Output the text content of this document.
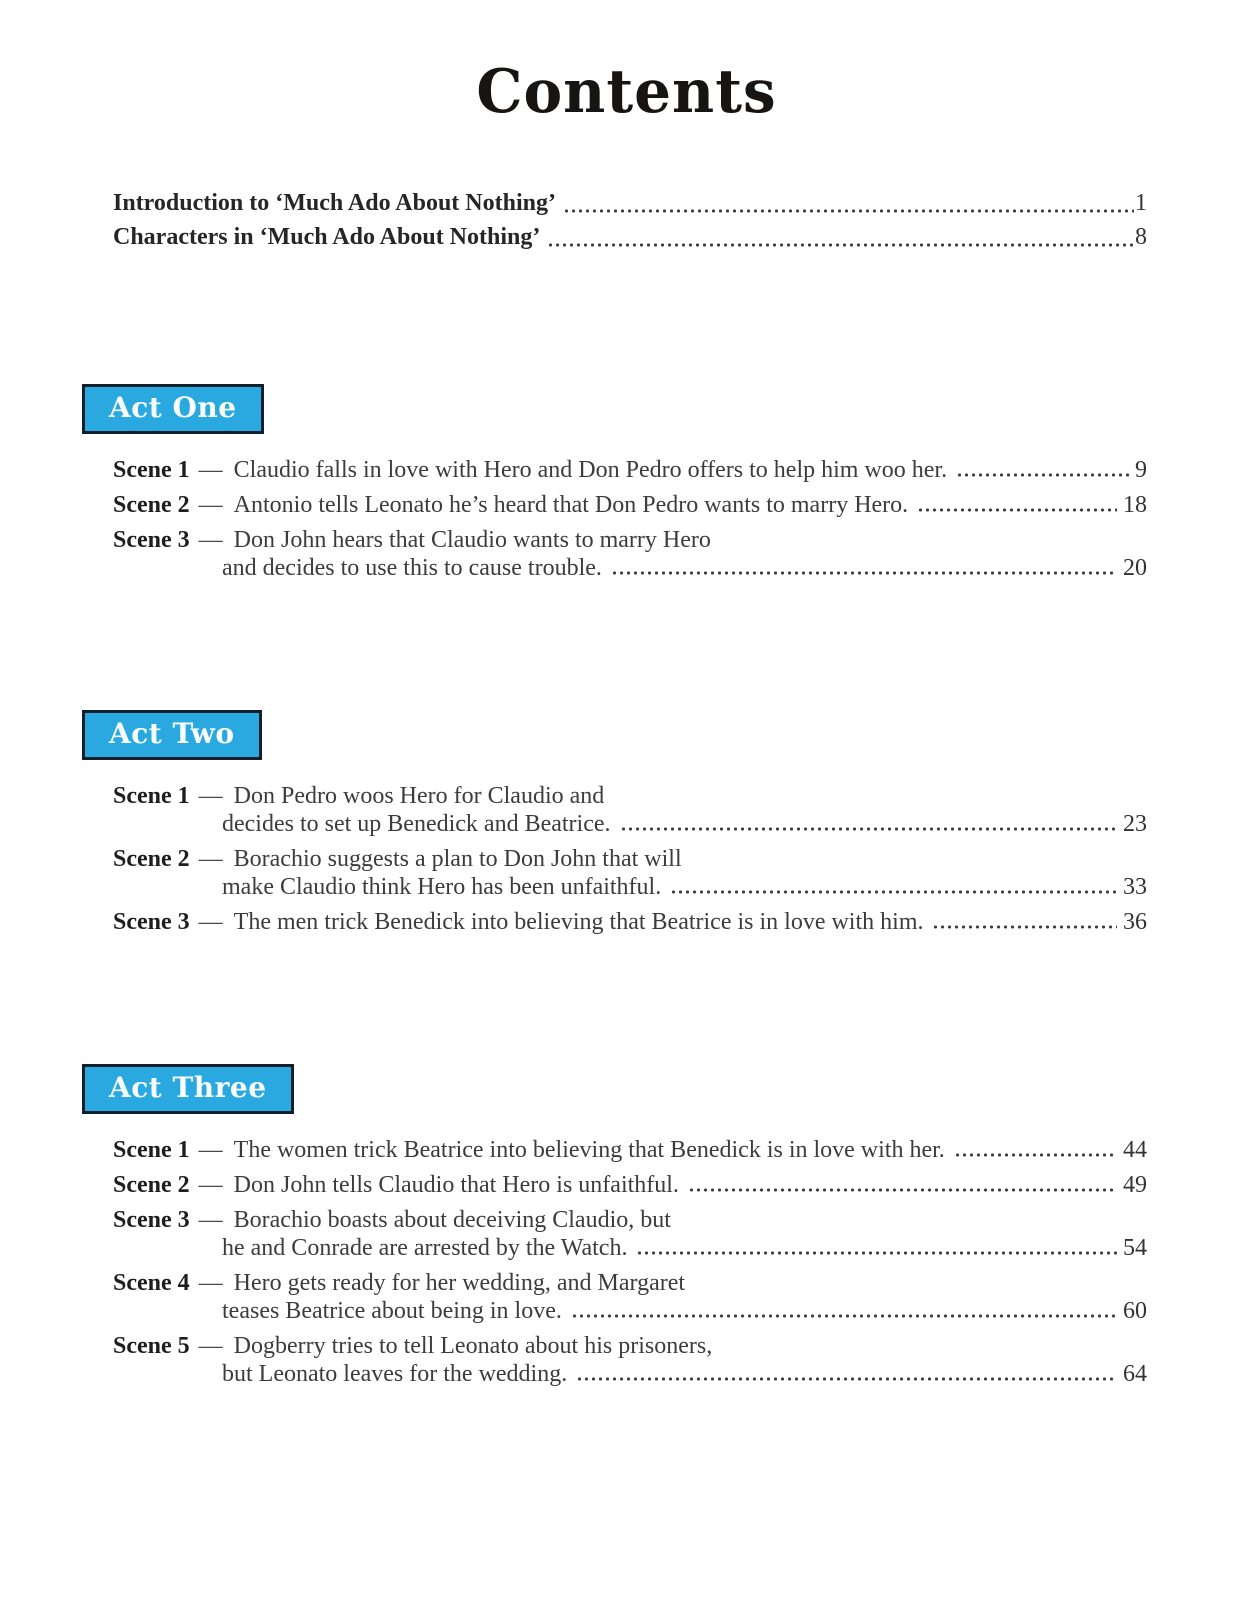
Contents
Introduction to ‘Much Ado About Nothing’	1
Characters in ‘Much Ado About Nothing’	8
Act One
Scene 1 — Claudio falls in love with Hero and Don Pedro offers to help him woo her.	9
Scene 2 — Antonio tells Leonato he’s heard that Don Pedro wants to marry Hero.	18
Scene 3 — Don John hears that Claudio wants to marry Hero
and decides to use this to cause trouble.	20
Act Two
Scene 1 — Don Pedro woos Hero for Claudio and
decides to set up Benedick and Beatrice.	23
Scene 2 — Borachio suggests a plan to Don John that will
make Claudio think Hero has been unfaithful.	33
Scene 3 — The men trick Benedick into believing that Beatrice is in love with him.	36
Act Three
Scene 1 — The women trick Beatrice into believing that Benedick is in love with her.	44
Scene 2 — Don John tells Claudio that Hero is unfaithful.	49
Scene 3 — Borachio boasts about deceiving Claudio, but
he and Conrade are arrested by the Watch.	54
Scene 4 — Hero gets ready for her wedding, and Margaret
teases Beatrice about being in love.	60
Scene 5 — Dogberry tries to tell Leonato about his prisoners,
but Leonato leaves for the wedding.	64
